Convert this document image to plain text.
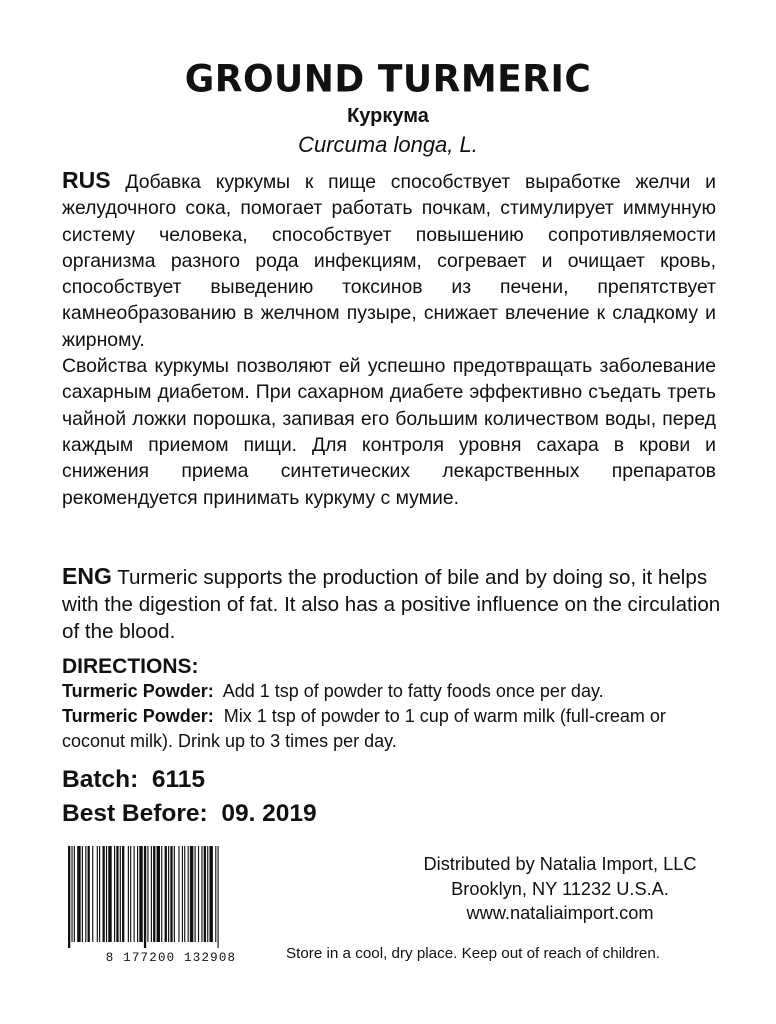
GROUND TURMERIC
Куркума
Curcuma longa, L.

RUS Добавка куркумы к пище способствует выработке желчи и желудочного сока, помогает работать почкам, стимулирует иммунную систему человека, способствует повышению сопротивляемости организма разного рода инфекциям, согревает и очищает кровь, способствует выведению токсинов из печени, препятствует камнеобразованию в желчном пузыре, снижает влечение к сладкому и жирному.

Свойства куркумы позволяют ей успешно предотвращать заболевание сахарным диабетом. При сахарном диабете эффективно съедать треть чайной ложки порошка, запивая его большим количеством воды, перед каждым приемом пищи. Для контроля уровня сахара в крови и снижения приема синтетических лекарственных препаратов рекомендуется принимать куркуму с мумие.

ENG Turmeric supports the production of bile and by doing so, it helps with the digestion of fat. It also has a positive influence on the circulation of the blood.

DIRECTIONS:

Turmeric Powder: Add 1 tsp of powder to fatty foods once per day.

Turmeric Powder: Mix 1 tsp of powder to 1 cup of warm milk (full-cream or coconut milk). Drink up to 3 times per day.

Batch: 6115
Best Before: 09. 2019
8 177200 132908
Distributed by Natalia Import, LLC
Brooklyn, NY 11232 U.S.A.
www.nataliaimport.com
Store in a cool, dry place. Keep out of reach of children.
